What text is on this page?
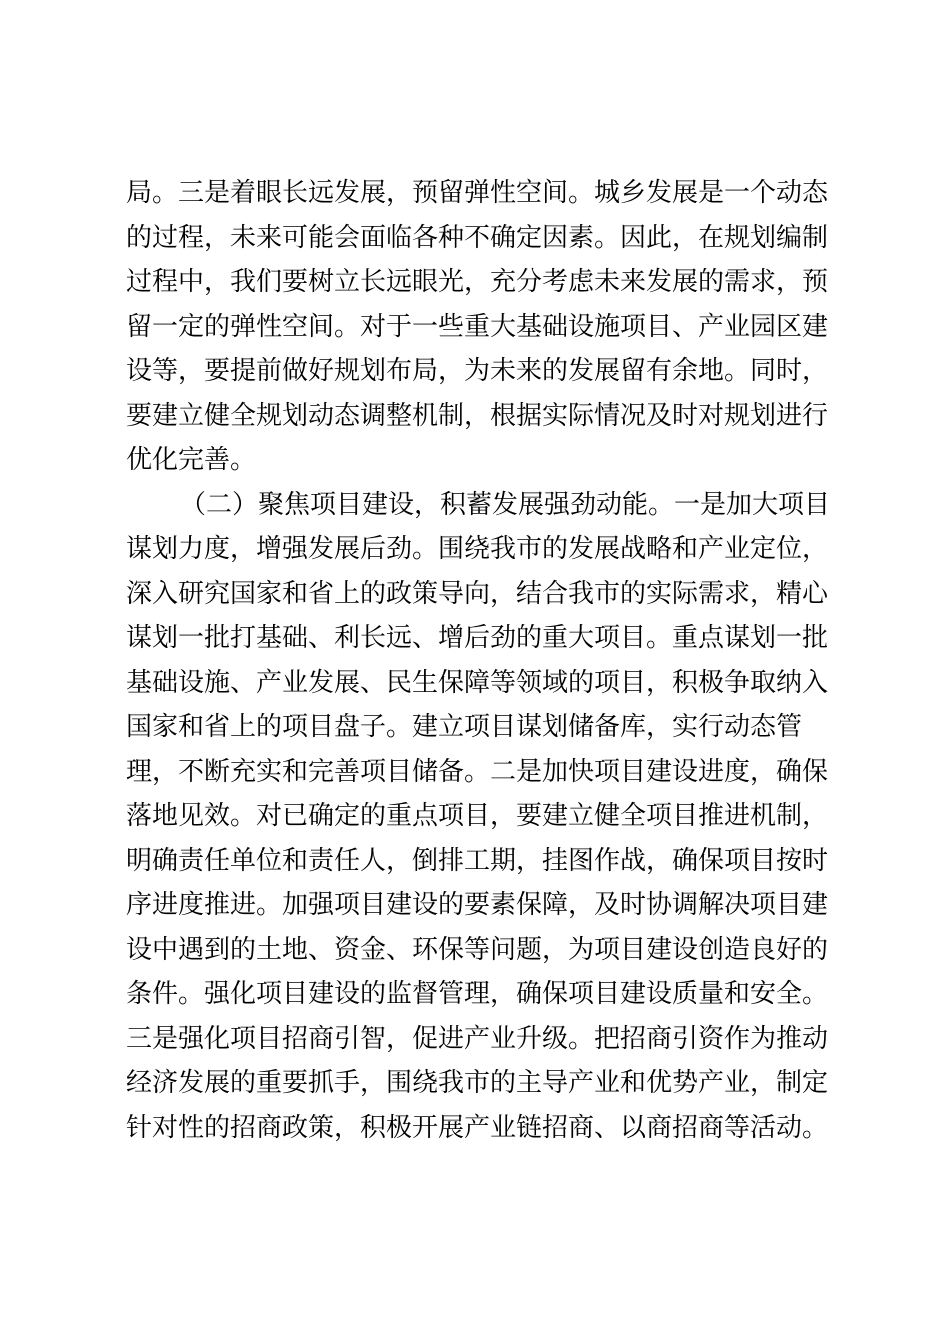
局。三是着眼长远发展，预留弹性空间。城乡发展是一个动态
的过程，未来可能会面临各种不确定因素。因此，在规划编制
过程中，我们要树立长远眼光，充分考虑未来发展的需求，预
留一定的弹性空间。对于一些重大基础设施项目、产业园区建
设等，要提前做好规划布局，为未来的发展留有余地。同时，
要建立健全规划动态调整机制，根据实际情况及时对规划进行
优化完善。
（二）聚焦项目建设，积蓄发展强劲动能。一是加大项目
谋划力度，增强发展后劲。围绕我市的发展战略和产业定位，
深入研究国家和省上的政策导向，结合我市的实际需求，精心
谋划一批打基础、利长远、增后劲的重大项目。重点谋划一批
基础设施、产业发展、民生保障等领域的项目，积极争取纳入
国家和省上的项目盘子。建立项目谋划储备库，实行动态管
理，不断充实和完善项目储备。二是加快项目建设进度，确保
落地见效。对已确定的重点项目，要建立健全项目推进机制，
明确责任单位和责任人，倒排工期，挂图作战，确保项目按时
序进度推进。加强项目建设的要素保障，及时协调解决项目建
设中遇到的土地、资金、环保等问题，为项目建设创造良好的
条件。强化项目建设的监督管理，确保项目建设质量和安全。
三是强化项目招商引智，促进产业升级。把招商引资作为推动
经济发展的重要抓手，围绕我市的主导产业和优势产业，制定
针对性的招商政策，积极开展产业链招商、以商招商等活动。
